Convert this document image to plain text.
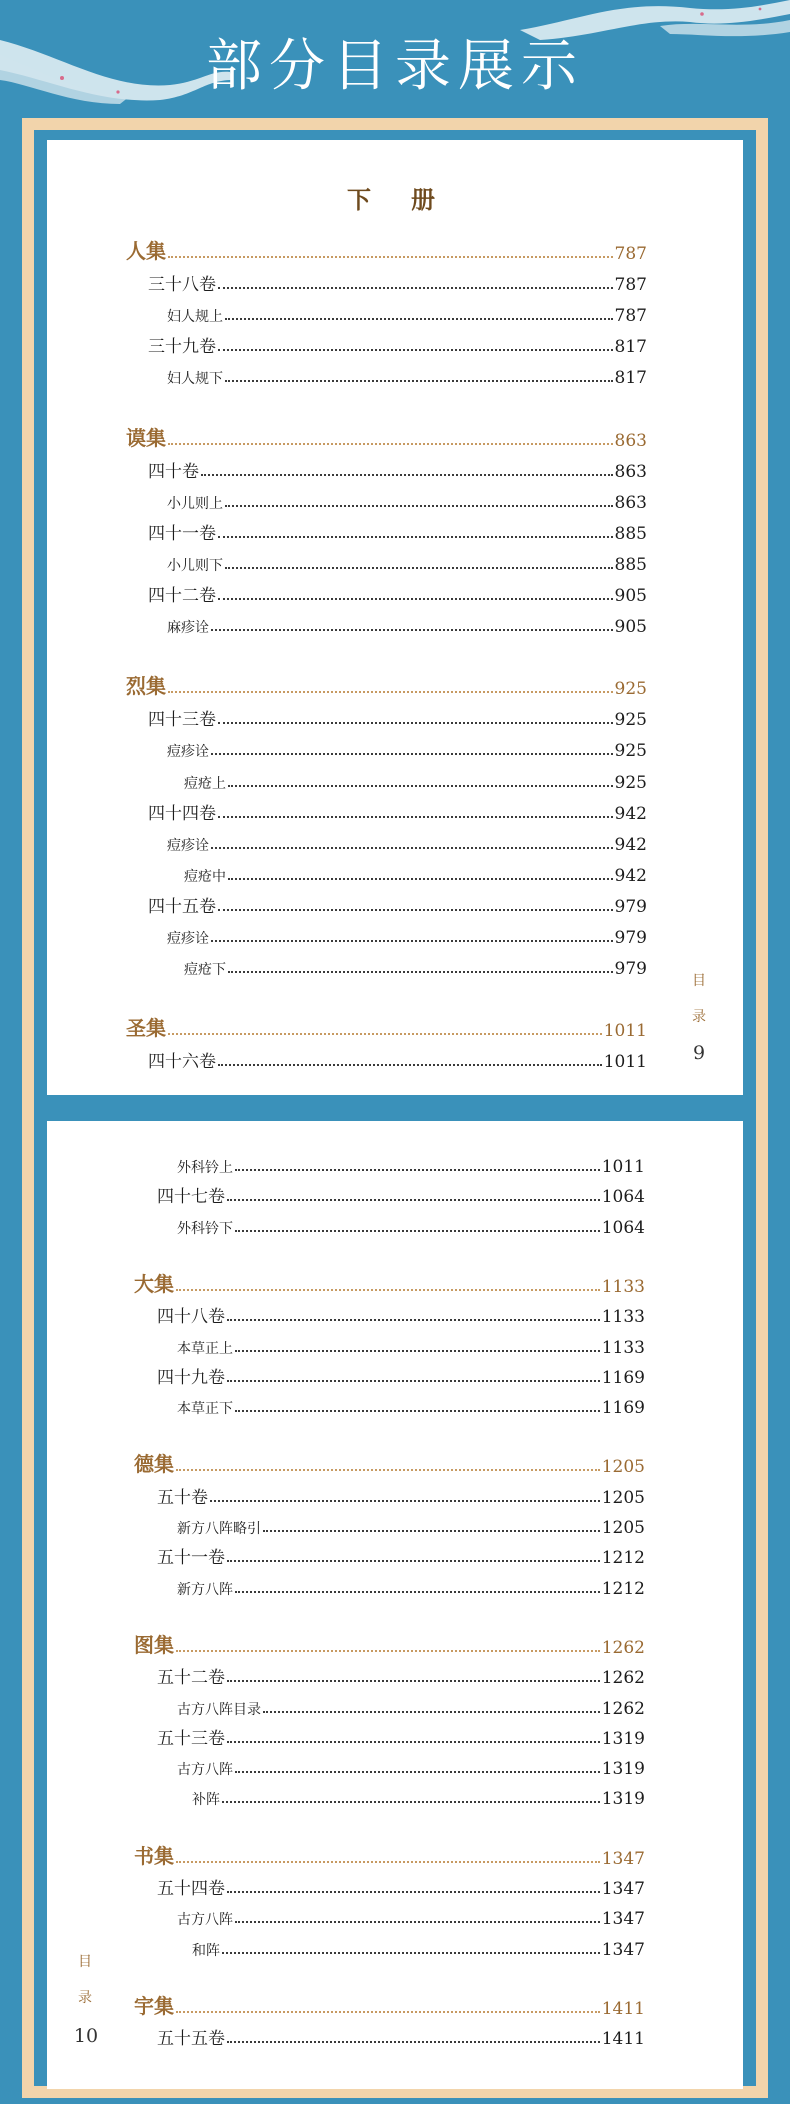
部分目录展示
下　册
人集	787
三十八卷	787
妇人规上	787
三十九卷	817
妇人规下	817
谟集	863
四十卷	863
小儿则上	863
四十一卷	885
小儿则下	885
四十二卷	905
麻疹诠	905
烈集	925
四十三卷	925
痘疹诠	925
痘疮上	925
四十四卷	942
痘疹诠	942
痘疮中	942
四十五卷	979
痘疹诠	979
痘疮下	979
圣集	1011
四十六卷	1011
目
录
9
外科钤上	1011
四十七卷	1064
外科钤下	1064
大集	1133
四十八卷	1133
本草正上	1133
四十九卷	1169
本草正下	1169
德集	1205
五十卷	1205
新方八阵略引	1205
五十一卷	1212
新方八阵	1212
图集	1262
五十二卷	1262
古方八阵目录	1262
五十三卷	1319
古方八阵	1319
补阵	1319
书集	1347
五十四卷	1347
古方八阵	1347
和阵	1347
宇集	1411
五十五卷	1411
目
录
10
